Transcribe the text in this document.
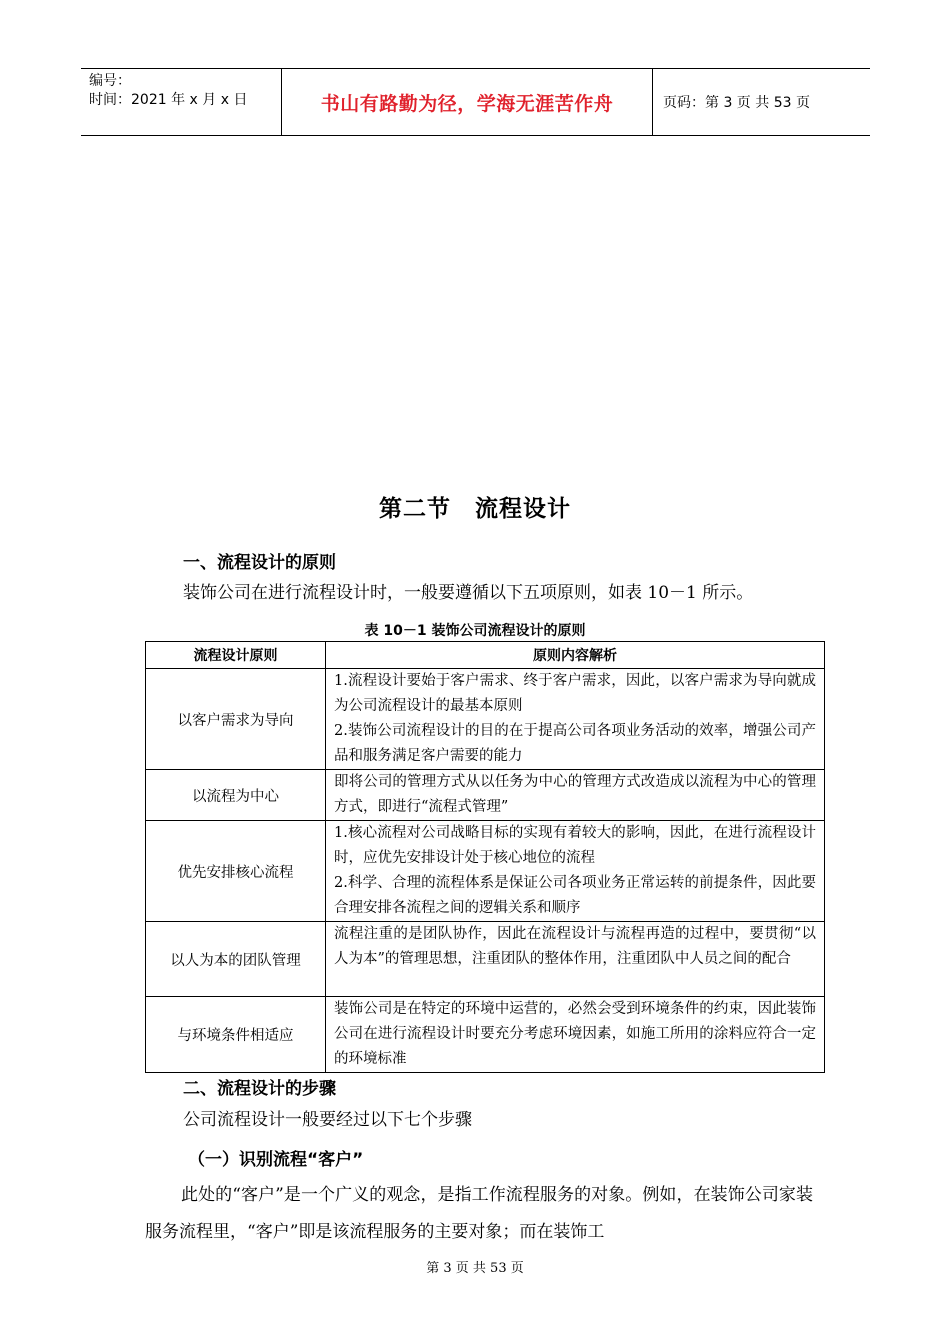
编号：
时间：2021 年 x 月 x 日	书山有路勤为径，学海无涯苦作舟	页码：第 3 页 共 53 页
第二节　流程设计
一、流程设计的原则
装饰公司在进行流程设计时，一般要遵循以下五项原则，如表 10－1 所示。
表 10－1 装饰公司流程设计的原则
流程设计原则	原则内容解析
以客户需求为导向	1.流程设计要始于客户需求、终于客户需求，因此，以客户需求为导向就成为公司流程设计的最基本原则
2.装饰公司流程设计的目的在于提高公司各项业务活动的效率，增强公司产品和服务满足客户需要的能力

以流程为中心	即将公司的管理方式从以任务为中心的管理方式改造成以流程为中心的管理方式，即进行“流程式管理”

优先安排核心流程	1.核心流程对公司战略目标的实现有着较大的影响，因此，在进行流程设计时，应优先安排设计处于核心地位的流程
2.科学、合理的流程体系是保证公司各项业务正常运转的前提条件，因此要合理安排各流程之间的逻辑关系和顺序

以人为本的团队管理	流程注重的是团队协作，因此在流程设计与流程再造的过程中，要贯彻“以人为本”的管理思想，注重团队的整体作用，注重团队中人员之间的配合

与环境条件相适应	装饰公司是在特定的环境中运营的，必然会受到环境条件的约束，因此装饰公司在进行流程设计时要充分考虑环境因素，如施工所用的涂料应符合一定的环境标准
二、流程设计的步骤
公司流程设计一般要经过以下七个步骤
（一）识别流程“客户”
此处的“客户”是一个广义的观念，是指工作流程服务的对象。例如，在装饰公司家装服务流程里，“客户”即是该流程服务的主要对象；而在装饰工
第 3 页 共 53 页
